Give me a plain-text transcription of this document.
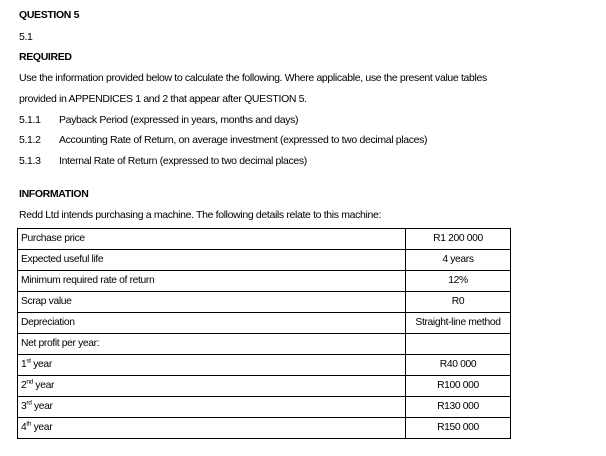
QUESTION 5
5.1
REQUIRED
Use the information provided below to calculate the following. Where applicable, use the present value tables
provided in APPENDICES 1 and 2 that appear after QUESTION 5.
5.1.1 Payback Period (expressed in years, months and days)
5.1.2 Accounting Rate of Return, on average investment (expressed to two decimal places)
5.1.3 Internal Rate of Return (expressed to two decimal places)
INFORMATION
Redd Ltd intends purchasing a machine. The following details relate to this machine:
Purchase price	R1 200 000
Expected useful life	4 years
Minimum required rate of return	12%
Scrap value	R0
Depreciation	Straight-line method
Net profit per year:	
1st year	R40 000
2nd year	R100 000
3rd year	R130 000
4th year	R150 000
